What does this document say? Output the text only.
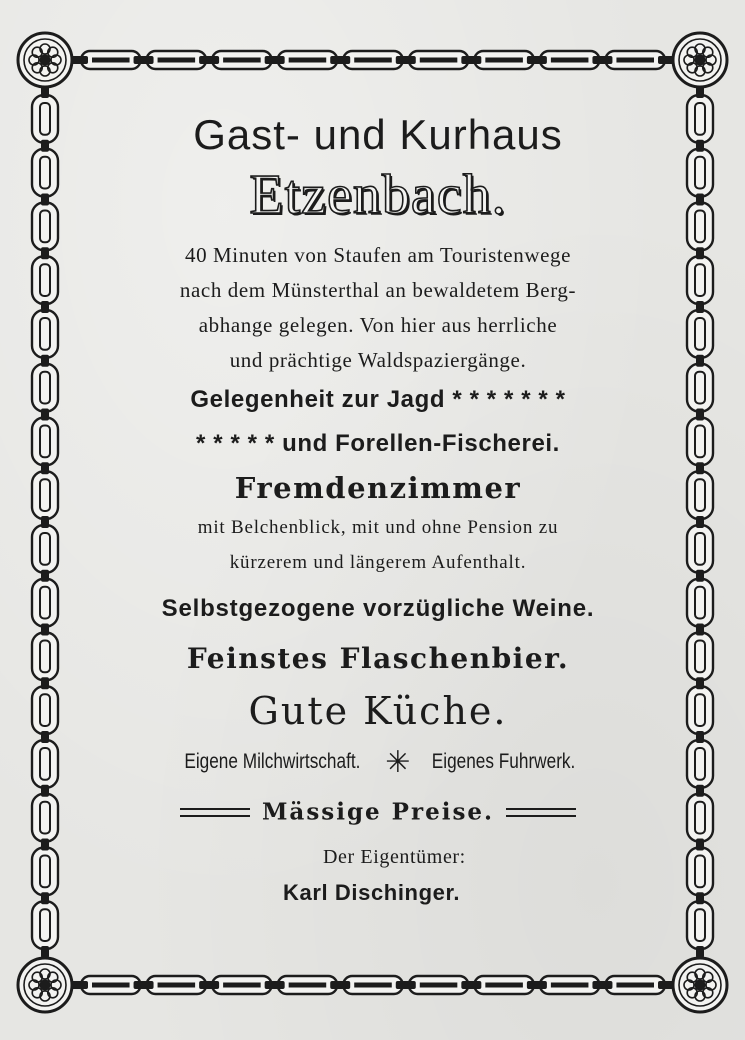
Gast- und Kurhaus
Etzenbach.
40 Minuten von Staufen am Touristenwege
nach dem Münsterthal an bewaldetem Berg-
abhange gelegen. Von hier aus herrliche
und prächtige Waldspaziergänge.
Gelegenheit zur Jagd * * * * * * *
* * * * * und Forellen-Fischerei.
Fremdenzimmer
mit Belchenblick, mit und ohne Pension zu
kürzerem und längerem Aufenthalt.
Selbstgezogene vorzügliche Weine.
Feinstes Flaschenbier.
Gute Küche.
Eigene Milchwirtschaft. ✳ Eigenes Fuhrwerk.
Mässige Preise.
Der Eigentümer:
Karl Dischinger.
